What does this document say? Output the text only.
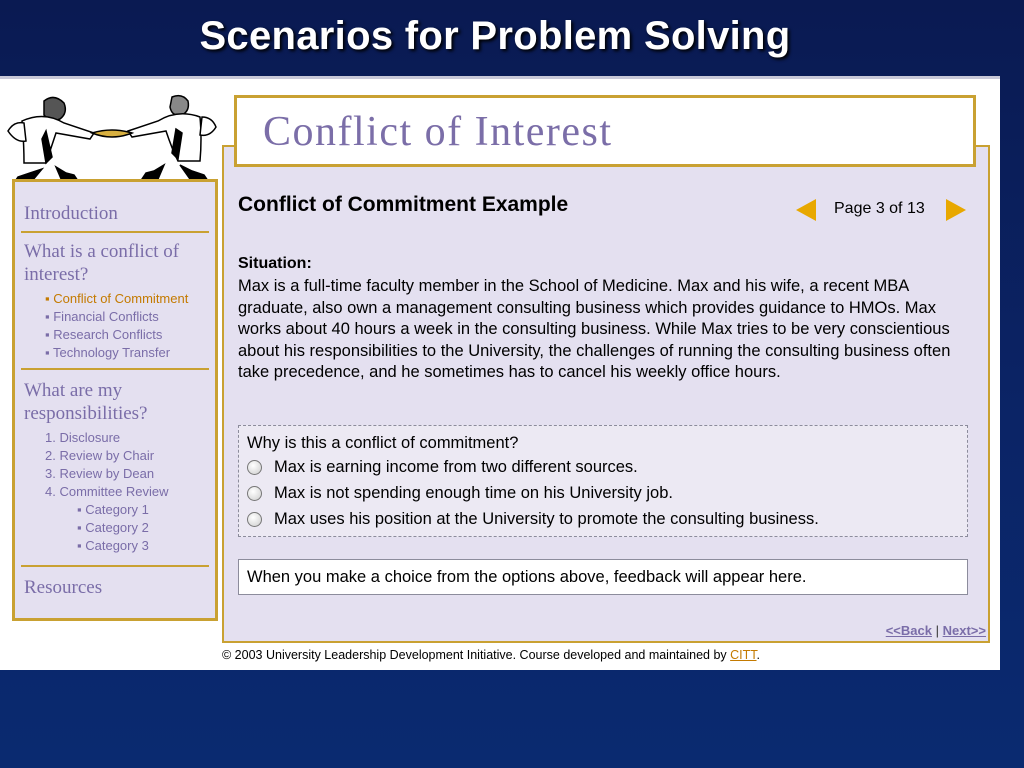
Scenarios for Problem Solving
Introduction
What is a conflict of
interest?
▪ Conflict of Commitment
▪ Financial Conflicts
▪ Research Conflicts
▪ Technology Transfer
What are my
responsibilities?
1. Disclosure
2. Review by Chair
3. Review by Dean
4. Committee Review
▪ Category 1
▪ Category 2
▪ Category 3
Resources
Conflict of Interest
Conflict of Commitment Example	Page 3 of 13
Situation:
Max is a full-time faculty member in the School of Medicine. Max and his wife, a recent MBA graduate, also own a management consulting business which provides guidance to HMOs. Max works about 40 hours a week in the consulting business. While Max tries to be very conscientious about his responsibilities to the University, the challenges of running the consulting business often take precedence, and he sometimes has to cancel his weekly office hours.
Why is this a conflict of commitment?
Max is earning income from two different sources.
Max is not spending enough time on his University job.
Max uses his position at the University to promote the consulting business.
When you make a choice from the options above, feedback will appear here.
<<Back | Next>>
© 2003 University Leadership Development Initiative. Course developed and maintained by CITT.
